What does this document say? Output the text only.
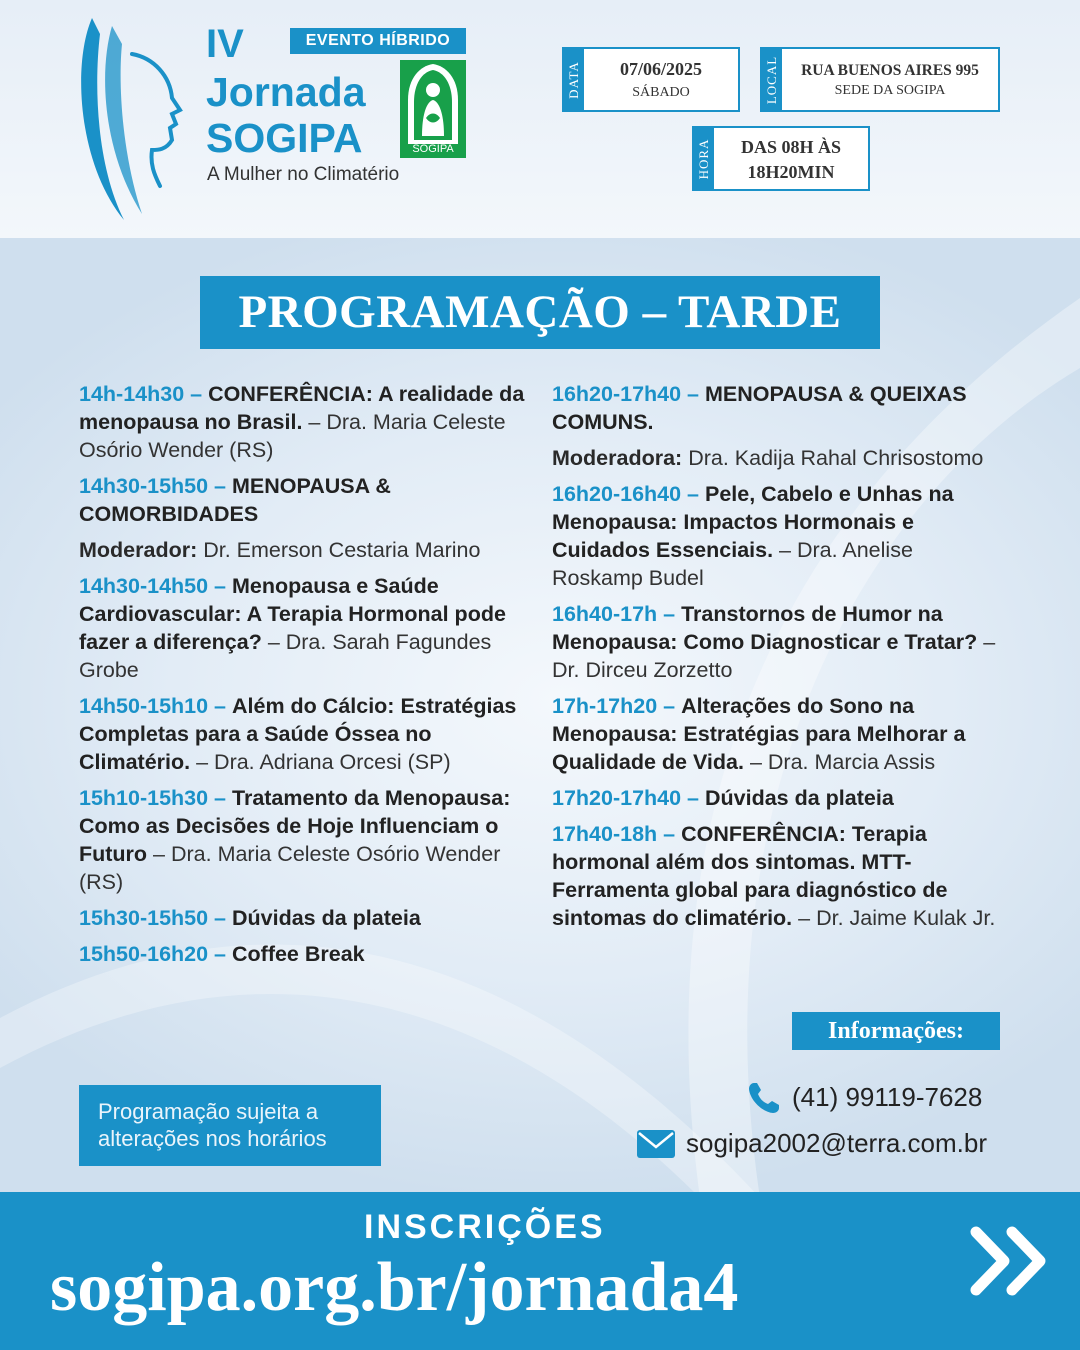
IV	EVENTO HÍBRIDO
Jornada
SOGIPA
A Mulher no Climatério
SOGIPA
DATA	07/06/2025
SÁBADO	LOCAL	RUA BUENOS AIRES 995
SEDE DA SOGIPA
HORA	DAS 08H ÀS
18H20MIN
PROGRAMAÇÃO – TARDE
14h-14h30 – CONFERÊNCIA: A realidade da menopausa no Brasil. – Dra. Maria Celeste Osório Wender (RS)
14h30-15h50 – MENOPAUSA & COMORBIDADES
Moderador: Dr. Emerson Cestaria Marino
14h30-14h50 – Menopausa e Saúde Cardiovascular: A Terapia Hormonal pode fazer a diferença? – Dra. Sarah Fagundes Grobe
14h50-15h10 – Além do Cálcio: Estratégias Completas para a Saúde Óssea no Climatério. – Dra. Adriana Orcesi (SP)
15h10-15h30 – Tratamento da Menopausa: Como as Decisões de Hoje Influenciam o Futuro – Dra. Maria Celeste Osório Wender (RS)
15h30-15h50 – Dúvidas da plateia
15h50-16h20 – Coffee Break
16h20-17h40 – MENOPAUSA & QUEIXAS COMUNS.
Moderadora: Dra. Kadija Rahal Chrisostomo
16h20-16h40 – Pele, Cabelo e Unhas na Menopausa: Impactos Hormonais e Cuidados Essenciais. – Dra. Anelise Roskamp Budel
16h40-17h – Transtornos de Humor na Menopausa: Como Diagnosticar e Tratar? – Dr. Dirceu Zorzetto
17h-17h20 – Alterações do Sono na Menopausa: Estratégias para Melhorar a Qualidade de Vida. – Dra. Marcia Assis
17h20-17h40 – Dúvidas da plateia
17h40-18h – CONFERÊNCIA: Terapia hormonal além dos sintomas. MTT-Ferramenta global para diagnóstico de sintomas do climatério. – Dr. Jaime Kulak Jr.
Informações:
(41) 99119-7628
sogipa2002@terra.com.br
Programação sujeita a
alterações nos horários
INSCRIÇÕES
sogipa.org.br/jornada4
